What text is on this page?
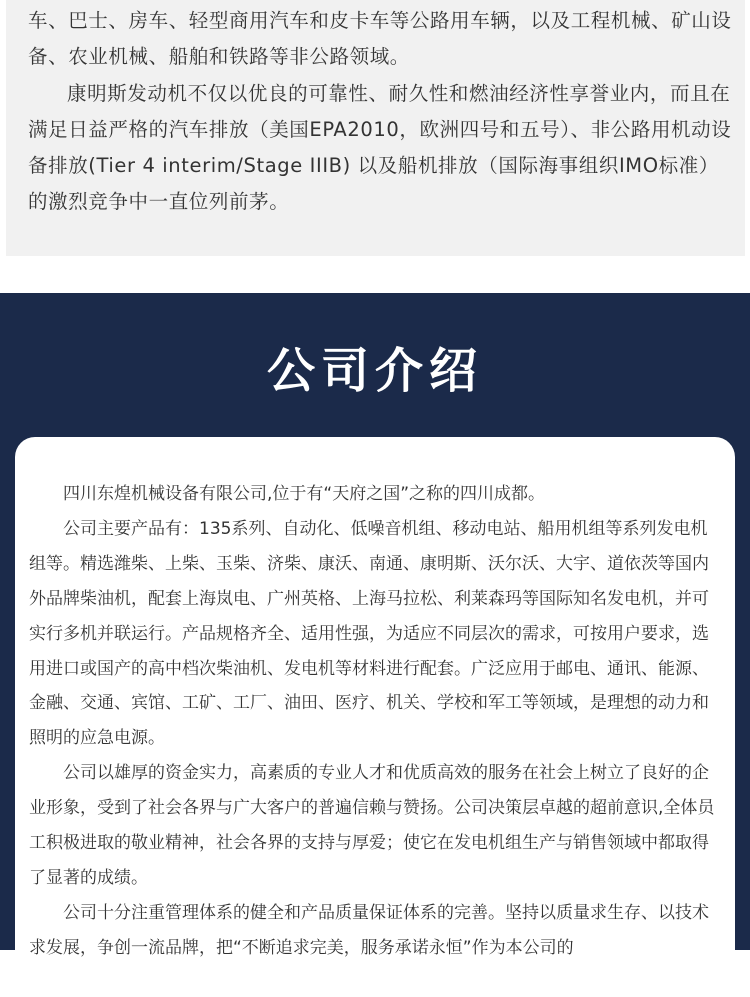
车、巴士、房车、轻型商用汽车和皮卡车等公路用车辆，以及工程机械、矿山设备、农业机械、船舶和铁路等非公路领域。

康明斯发动机不仅以优良的可靠性、耐久性和燃油经济性享誉业内，而且在满足日益严格的汽车排放（美国EPA2010，欧洲四号和五号）、非公路用机动设备排放(Tier 4 interim/Stage IIIB) 以及船机排放（国际海事组织IMO标准）的激烈竞争中一直位列前茅。

公司介绍

四川东煌机械设备有限公司,位于有“天府之国”之称的四川成都。

公司主要产品有：135系列、自动化、低噪音机组、移动电站、船用机组等系列发电机组等。精选潍柴、上柴、玉柴、济柴、康沃、南通、康明斯、沃尔沃、大宇、道依茨等国内外品牌柴油机，配套上海岚电、广州英格、上海马拉松、利莱森玛等国际知名发电机，并可实行多机并联运行。产品规格齐全、适用性强，为适应不同层次的需求，可按用户要求，选用进口或国产的高中档次柴油机、发电机等材料进行配套。广泛应用于邮电、通讯、能源、金融、交通、宾馆、工矿、工厂、油田、医疗、机关、学校和军工等领域，是理想的动力和照明的应急电源。

公司以雄厚的资金实力，高素质的专业人才和优质高效的服务在社会上树立了良好的企业形象，受到了社会各界与广大客户的普遍信赖与赞扬。公司决策层卓越的超前意识,全体员工积极进取的敬业精神，社会各界的支持与厚爱；使它在发电机组生产与销售领域中都取得了显著的成绩。

公司十分注重管理体系的健全和产品质量保证体系的完善。坚持以质量求生存、以技术求发展，争创一流品牌，把“不断追求完美，服务承诺永恒”作为本公司的
